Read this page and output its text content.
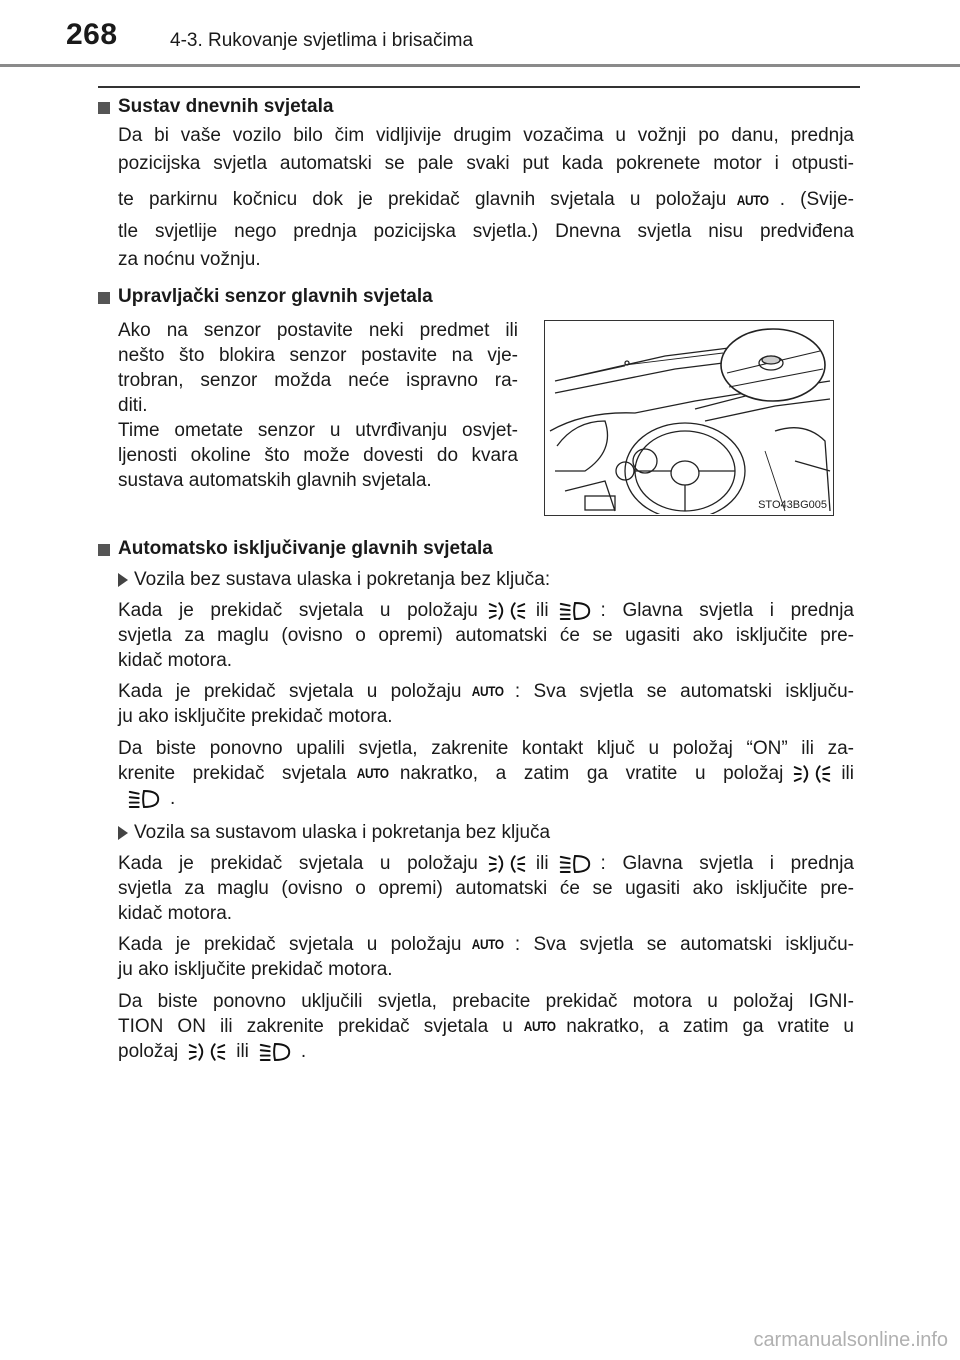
268	4-3. Rukovanje svjetlima i brisačima
Sustav dnevnih svjetala
Da bi vaše vozilo bilo čim vidljivije drugim vozačima u vožnji po danu, prednja
pozicijska svjetla automatski se pale svaki put kada pokrenete motor i otpusti-
te parkirnu kočnicu dok je prekidač glavnih svjetala u položaju AUTO . (Svije-
tle svjetlije nego prednja pozicijska svjetla.) Dnevna svjetla nisu predviđena
za noćnu vožnju.
Upravljački senzor glavnih svjetala
Ako na senzor postavite neki predmet ili
nešto što blokira senzor postavite na vje-
trobran, senzor možda neće ispravno ra-
diti.
Time ometate senzor u utvrđivanju osvjet-
ljenosti okoline što može dovesti do kvara
sustava automatskih glavnih svjetala.
STO43BG005
Automatsko isključivanje glavnih svjetala
Vozila bez sustava ulaska i pokretanja bez ključa:
Kada je prekidač svjetala u položaju	ili	: Glavna svjetla i prednja
svjetla za maglu (ovisno o opremi) automatski će se ugasiti ako isključite pre-
kidač motora.
Kada je prekidač svjetala u položaju AUTO : Sva svjetla se automatski isključu-
ju ako isključite prekidač motora.
Da biste ponovno upalili svjetla, zakrenite kontakt ključ u položaj “ON” ili za-
krenite prekidač svjetala AUTO nakratko, a zatim ga vratite u položaj	ili
.
Vozila sa sustavom ulaska i pokretanja bez ključa
Kada je prekidač svjetala u položaju	ili	: Glavna svjetla i prednja
svjetla za maglu (ovisno o opremi) automatski će se ugasiti ako isključite pre-
kidač motora.
Kada je prekidač svjetala u položaju AUTO : Sva svjetla se automatski isključu-
ju ako isključite prekidač motora.
Da biste ponovno uključili svjetla, prebacite prekidač motora u položaj IGNI-
TION ON ili zakrenite prekidač svjetala u AUTO nakratko, a zatim ga vratite u
položaj	ili	.
carmanualsonline.info
